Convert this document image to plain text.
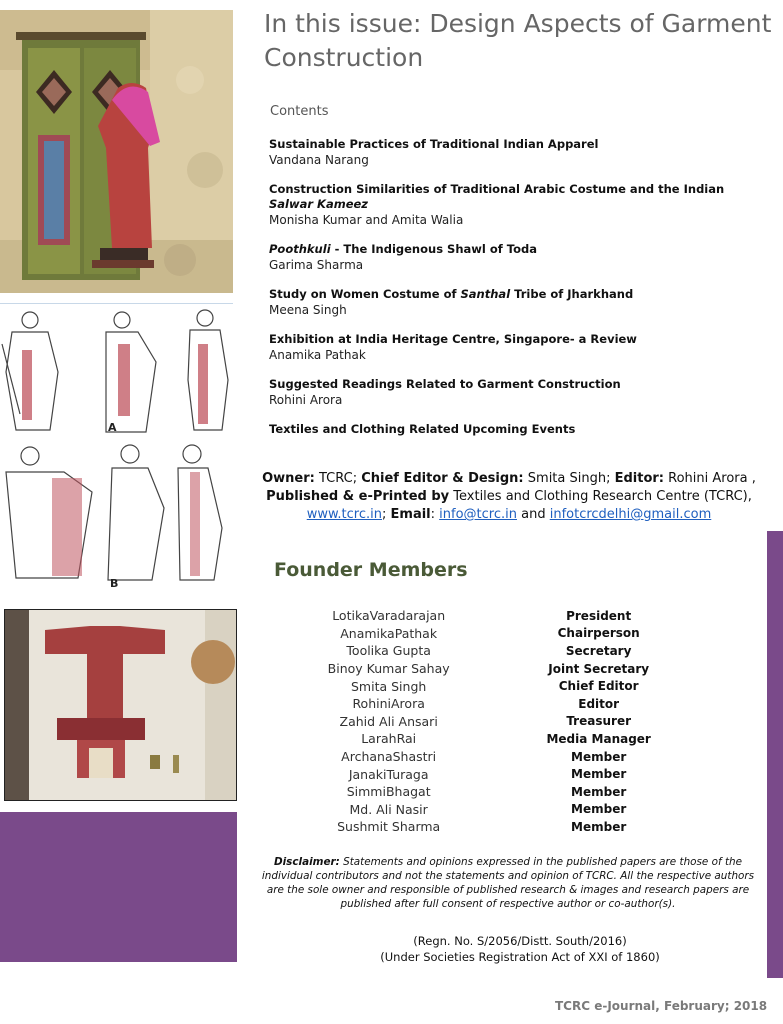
A
B
In this issue: Design Aspects of Garment Construction
Contents
Sustainable Practices of Traditional Indian Apparel
Vandana Narang
Construction Similarities of Traditional Arabic Costume and the Indian
Salwar Kameez
Monisha Kumar and Amita Walia
Poothkuli - The Indigenous Shawl of Toda
Garima Sharma
Study on Women Costume of Santhal Tribe of Jharkhand
Meena Singh
Exhibition at India Heritage Centre, Singapore- a Review
Anamika Pathak
Suggested Readings Related to Garment Construction
Rohini Arora
Textiles and Clothing Related Upcoming Events
Owner: TCRC; Chief Editor & Design: Smita Singh; Editor: Rohini Arora ,
Published & e-Printed by Textiles and Clothing Research Centre (TCRC),
www.tcrc.in; Email: info@tcrc.in and infotcrcdelhi@gmail.com
Founder Members
LotikaVaradarajan	President
AnamikaPathak	Chairperson
Toolika Gupta	Secretary
Binoy Kumar Sahay	Joint Secretary
Smita Singh	Chief Editor
RohiniArora	Editor
Zahid Ali Ansari	Treasurer
LarahRai	Media Manager
ArchanaShastri	Member
JanakiTuraga	Member
SimmiBhagat	Member
Md. Ali Nasir	Member
Sushmit Sharma	Member
Disclaimer: Statements and opinions expressed in the published papers are those of the individual contributors and not the statements and opinion of TCRC. All the respective authors are the sole owner and responsible of published research & images and research papers are published after full consent of respective author or co-author(s).
(Regn. No. S/2056/Distt. South/2016)
(Under Societies Registration Act of XXI of 1860)
TCRC e-Journal, February; 2018
